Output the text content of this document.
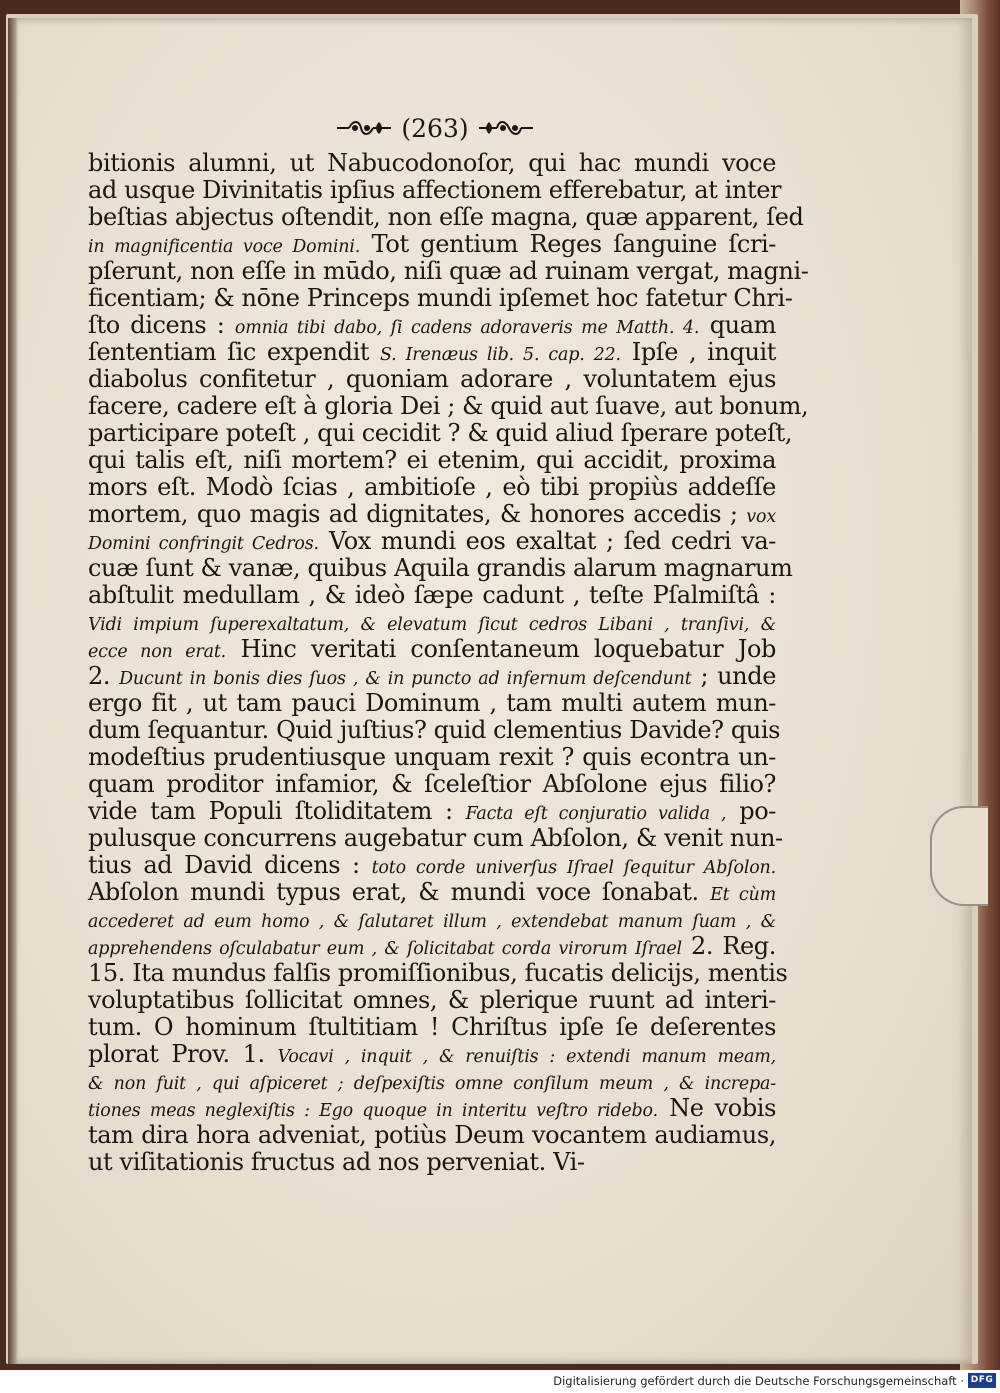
(263)
bitionis alumni, ut Nabucodonoſor, qui hac mundi voce
ad usque Divinitatis ipſius affectionem efferebatur, at inter
beſtias abjectus oſtendit, non eſſe magna, quæ apparent, ſed
in magnificentia voce Domini. Tot gentium Reges ſanguine ſcri-
pſerunt, non eſſe in mūdo, niſi quæ ad ruinam vergat, magni-
ficentiam; & nōne Princeps mundi ipſemet hoc fatetur Chri-
ſto dicens : omnia tibi dabo, ſi cadens adoraveris me Matth. 4. quam
ſententiam ſic expendit S. Irenæus lib. 5. cap. 22. Ipſe , inquit
diabolus confitetur , quoniam adorare , voluntatem ejus
facere, cadere eſt à gloria Dei ; & quid aut ſuave, aut bonum,
participare poteſt , qui cecidit ? & quid aliud ſperare poteſt,
qui talis eſt, niſi mortem? ei etenim, qui accidit, proxima
mors eſt. Modò ſcias , ambitioſe , eò tibi propiùs addeſſe
mortem, quo magis ad dignitates, & honores accedis ; vox
Domini confringit Cedros. Vox mundi eos exaltat ; ſed cedri va-
cuæ ſunt & vanæ, quibus Aquila grandis alarum magnarum
abſtulit medullam , & ideò ſæpe cadunt , teſte Pſalmiſtâ :
Vidi impium ſuperexaltatum, & elevatum ſicut cedros Libani , tranſivi, &
ecce non erat. Hinc veritati conſentaneum loquebatur Job
2. Ducunt in bonis dies ſuos , & in puncto ad infernum deſcendunt ; unde
ergo fit , ut tam pauci Dominum , tam multi autem mun-
dum ſequantur. Quid juſtius? quid clementius Davide? quis
modeſtius prudentiusque unquam rexit ? quis econtra un-
quam proditor infamior, & ſceleſtior Abſolone ejus filio?
vide tam Populi ſtoliditatem : Facta eſt conjuratio valida , po-
pulusque concurrens augebatur cum Abſolon, & venit nun-
tius ad David dicens : toto corde univerſus Iſrael ſequitur Abſolon.
Abſolon mundi typus erat, & mundi voce ſonabat. Et cùm
accederet ad eum homo , & ſalutaret illum , extendebat manum ſuam , &
apprehendens oſculabatur eum , & ſolicitabat corda virorum Iſrael 2. Reg.
15. Ita mundus falſis promiſſionibus, fucatis delicijs, mentis
voluptatibus ſollicitat omnes, & plerique ruunt ad interi-
tum. O hominum ſtultitiam ! Chriſtus ipſe ſe deſerentes
plorat Prov. 1. Vocavi , inquit , & renuiſtis : extendi manum meam,
& non fuit , qui aſpiceret ; deſpexiſtis omne conſilum meum , & increpa-
tiones meas neglexiſtis : Ego quoque in interitu veſtro ridebo. Ne vobis
tam dira hora adveniat, potiùs Deum vocantem audiamus,
ut viſitationis fructus ad nos perveniat. Vi-
Digitalisierung gefördert durch die Deutsche Forschungsgemeinschaft · DFG
